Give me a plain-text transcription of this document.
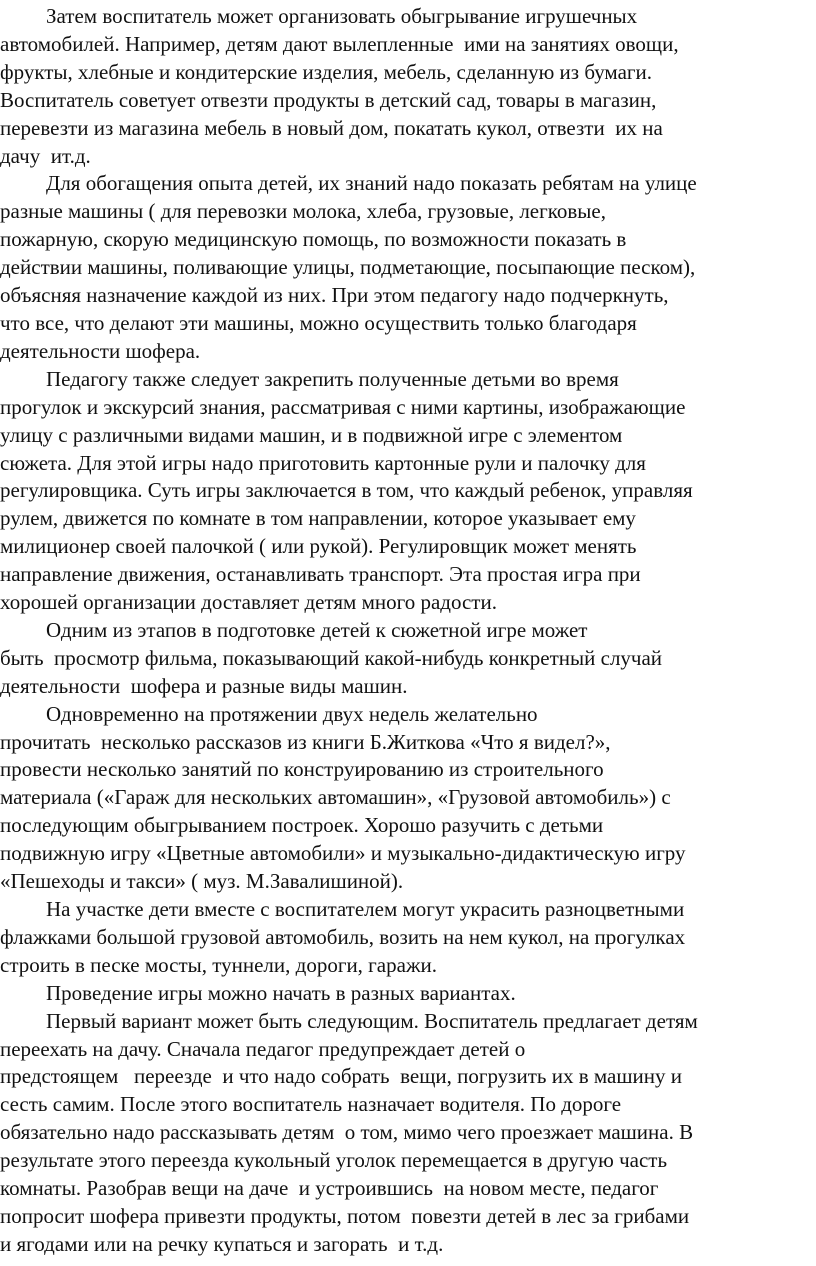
Затем воспитатель может организовать обыгрывание игрушечных
автомобилей. Например, детям дают вылепленные  ими на занятиях овощи,
фрукты, хлебные и кондитерские изделия, мебель, сделанную из бумаги.
Воспитатель советует отвезти продукты в детский сад, товары в магазин,
перевезти из магазина мебель в новый дом, покатать кукол, отвезти  их на
дачу  ит.д.
Для обогащения опыта детей, их знаний надо показать ребятам на улице
разные машины ( для перевозки молока, хлеба, грузовые, легковые,
пожарную, скорую медицинскую помощь, по возможности показать в
действии машины, поливающие улицы, подметающие, посыпающие песком),
объясняя назначение каждой из них. При этом педагогу надо подчеркнуть,
что все, что делают эти машины, можно осуществить только благодаря
деятельности шофера.
Педагогу также следует закрепить полученные детьми во время
прогулок и экскурсий знания, рассматривая с ними картины, изображающие
улицу с различными видами машин, и в подвижной игре с элементом
сюжета. Для этой игры надо приготовить картонные рули и палочку для
регулировщика. Суть игры заключается в том, что каждый ребенок, управляя
рулем, движется по комнате в том направлении, которое указывает ему
милиционер своей палочкой ( или рукой). Регулировщик может менять
направление движения, останавливать транспорт. Эта простая игра при
хорошей организации доставляет детям много радости.
Одним из этапов в подготовке детей к сюжетной игре может
быть  просмотр фильма, показывающий какой-нибудь конкретный случай
деятельности  шофера и разные виды машин.
Одновременно на протяжении двух недель желательно
прочитать  несколько рассказов из книги Б.Житкова «Что я видел?»,
провести несколько занятий по конструированию из строительного
материала («Гараж для нескольких автомашин», «Грузовой автомобиль») с
последующим обыгрыванием построек. Хорошо разучить с детьми
подвижную игру «Цветные автомобили» и музыкально-дидактическую игру
«Пешеходы и такси» ( муз. М.Завалишиной).
На участке дети вместе с воспитателем могут украсить разноцветными
флажками большой грузовой автомобиль, возить на нем кукол, на прогулках
строить в песке мосты, туннели, дороги, гаражи.
Проведение игры можно начать в разных вариантах.
Первый вариант может быть следующим. Воспитатель предлагает детям
переехать на дачу. Сначала педагог предупреждает детей о
предстоящем   переезде  и что надо собрать  вещи, погрузить их в машину и
сесть самим. После этого воспитатель назначает водителя. По дороге
обязательно надо рассказывать детям  о том, мимо чего проезжает машина. В
результате этого переезда кукольный уголок перемещается в другую часть
комнаты. Разобрав вещи на даче  и устроившись  на новом месте, педагог
попросит шофера привезти продукты, потом  повезти детей в лес за грибами
и ягодами или на речку купаться и загорать  и т.д.
